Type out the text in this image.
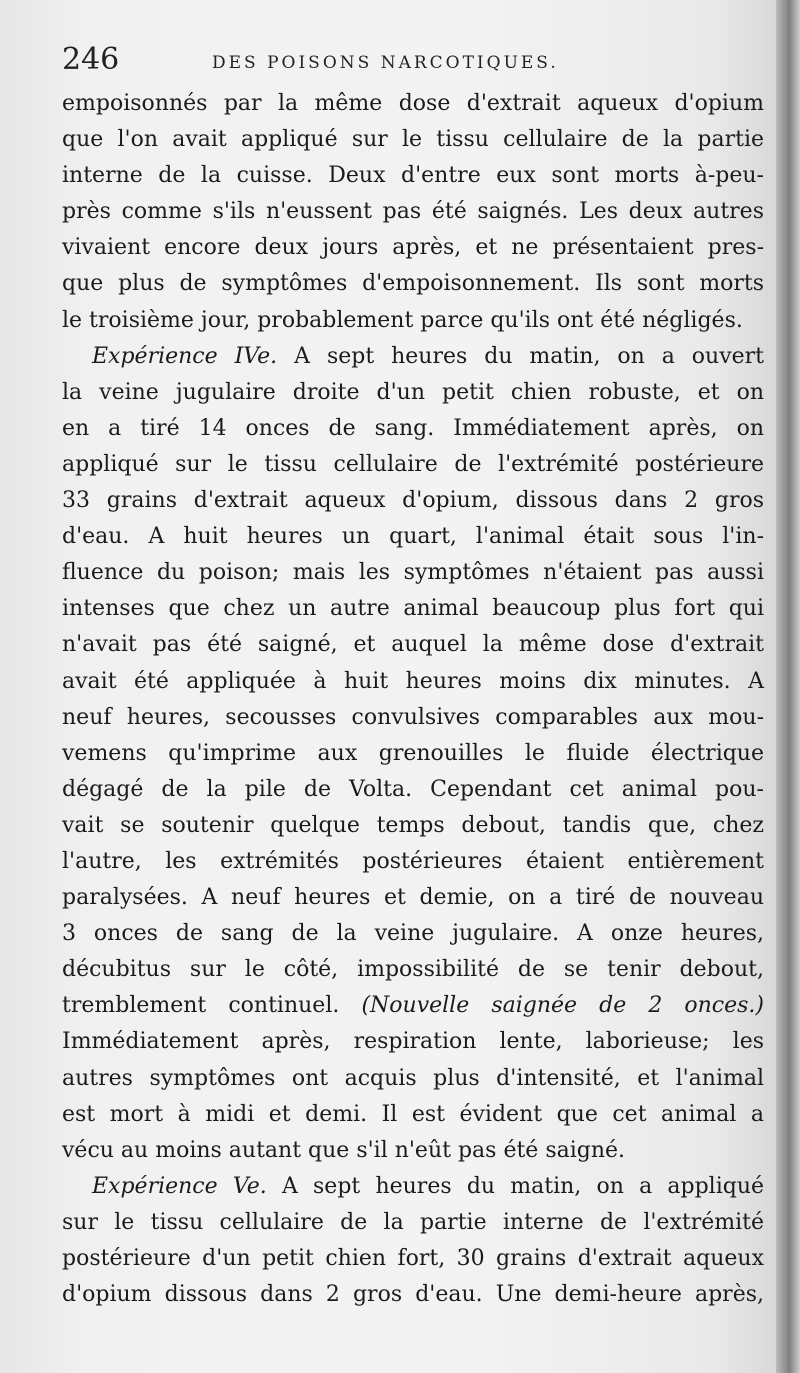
246	DES POISONS NARCOTIQUES.
empoisonnés par la même dose d'extrait aqueux d'opium
que l'on avait appliqué sur le tissu cellulaire de la partie
interne de la cuisse. Deux d'entre eux sont morts à-peu-
près comme s'ils n'eussent pas été saignés. Les deux autres
vivaient encore deux jours après, et ne présentaient pres-
que plus de symptômes d'empoisonnement. Ils sont morts
le troisième jour, probablement parce qu'ils ont été négligés.
Expérience IVe. A sept heures du matin, on a ouvert
la veine jugulaire droite d'un petit chien robuste, et on
en a tiré 14 onces de sang. Immédiatement après, on
appliqué sur le tissu cellulaire de l'extrémité postérieure
33 grains d'extrait aqueux d'opium, dissous dans 2 gros
d'eau. A huit heures un quart, l'animal était sous l'in-
fluence du poison; mais les symptômes n'étaient pas aussi
intenses que chez un autre animal beaucoup plus fort qui
n'avait pas été saigné, et auquel la même dose d'extrait
avait été appliquée à huit heures moins dix minutes. A
neuf heures, secousses convulsives comparables aux mou-
vemens qu'imprime aux grenouilles le fluide électrique
dégagé de la pile de Volta. Cependant cet animal pou-
vait se soutenir quelque temps debout, tandis que, chez
l'autre, les extrémités postérieures étaient entièrement
paralysées. A neuf heures et demie, on a tiré de nouveau
3 onces de sang de la veine jugulaire. A onze heures,
décubitus sur le côté, impossibilité de se tenir debout,
tremblement continuel. (Nouvelle saignée de 2 onces.)
Immédiatement après, respiration lente, laborieuse; les
autres symptômes ont acquis plus d'intensité, et l'animal
est mort à midi et demi. Il est évident que cet animal a
vécu au moins autant que s'il n'eût pas été saigné.
Expérience Ve. A sept heures du matin, on a appliqué
sur le tissu cellulaire de la partie interne de l'extrémité
postérieure d'un petit chien fort, 30 grains d'extrait aqueux
d'opium dissous dans 2 gros d'eau. Une demi-heure après,
